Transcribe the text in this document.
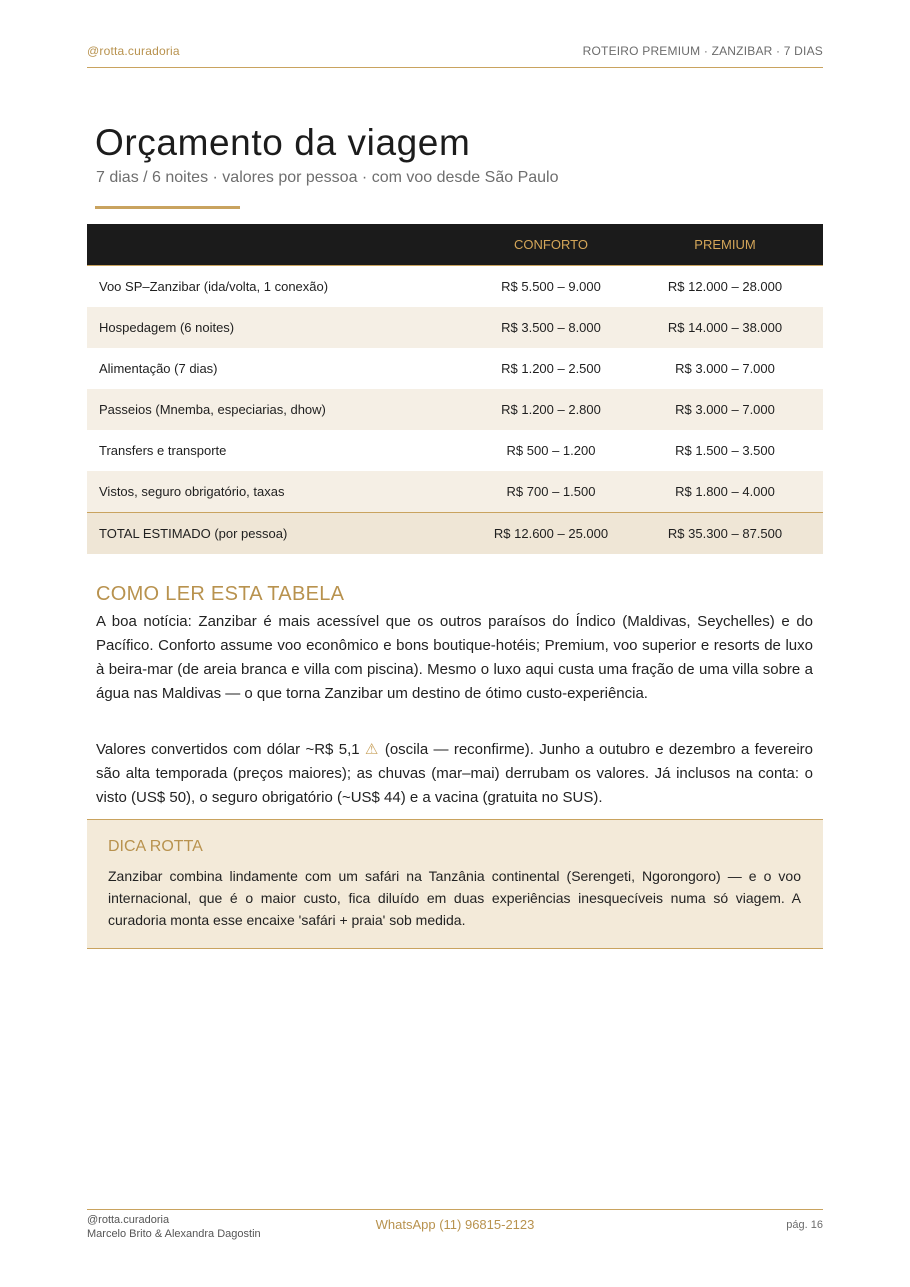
@rotta.curadoria	ROTEIRO PREMIUM · ZANZIBAR · 7 DIAS
Orçamento da viagem
7 dias / 6 noites · valores por pessoa · com voo desde São Paulo
	CONFORTO	PREMIUM
Voo SP–Zanzibar (ida/volta, 1 conexão)	R$ 5.500 – 9.000	R$ 12.000 – 28.000
Hospedagem (6 noites)	R$ 3.500 – 8.000	R$ 14.000 – 38.000
Alimentação (7 dias)	R$ 1.200 – 2.500	R$ 3.000 – 7.000
Passeios (Mnemba, especiarias, dhow)	R$ 1.200 – 2.800	R$ 3.000 – 7.000
Transfers e transporte	R$ 500 – 1.200	R$ 1.500 – 3.500
Vistos, seguro obrigatório, taxas	R$ 700 – 1.500	R$ 1.800 – 4.000
TOTAL ESTIMADO (por pessoa)	R$ 12.600 – 25.000	R$ 35.300 – 87.500
COMO LER ESTA TABELA

A boa notícia: Zanzibar é mais acessível que os outros paraísos do Índico (Maldivas, Seychelles) e do Pacífico. Conforto assume voo econômico e bons boutique-hotéis; Premium, voo superior e resorts de luxo à beira-mar (de areia branca e villa com piscina). Mesmo o luxo aqui custa uma fração de uma villa sobre a água nas Maldivas — o que torna Zanzibar um destino de ótimo custo-experiência.

Valores convertidos com dólar ~R$ 5,1 ⚠ (oscila — reconfirme). Junho a outubro e dezembro a fevereiro são alta temporada (preços maiores); as chuvas (mar–mai) derrubam os valores. Já inclusos na conta: o visto (US$ 50), o seguro obrigatório (~US$ 44) e a vacina (gratuita no SUS).

DICA ROTTA

Zanzibar combina lindamente com um safári na Tanzânia continental (Serengeti, Ngorongoro) — e o voo internacional, que é o maior custo, fica diluído em duas experiências inesquecíveis numa só viagem. A curadoria monta esse encaixe 'safári + praia' sob medida.

@rotta.curadoria
Marcelo Brito & Alexandra Dagostin
WhatsApp (11) 96815-2123	pág. 16
